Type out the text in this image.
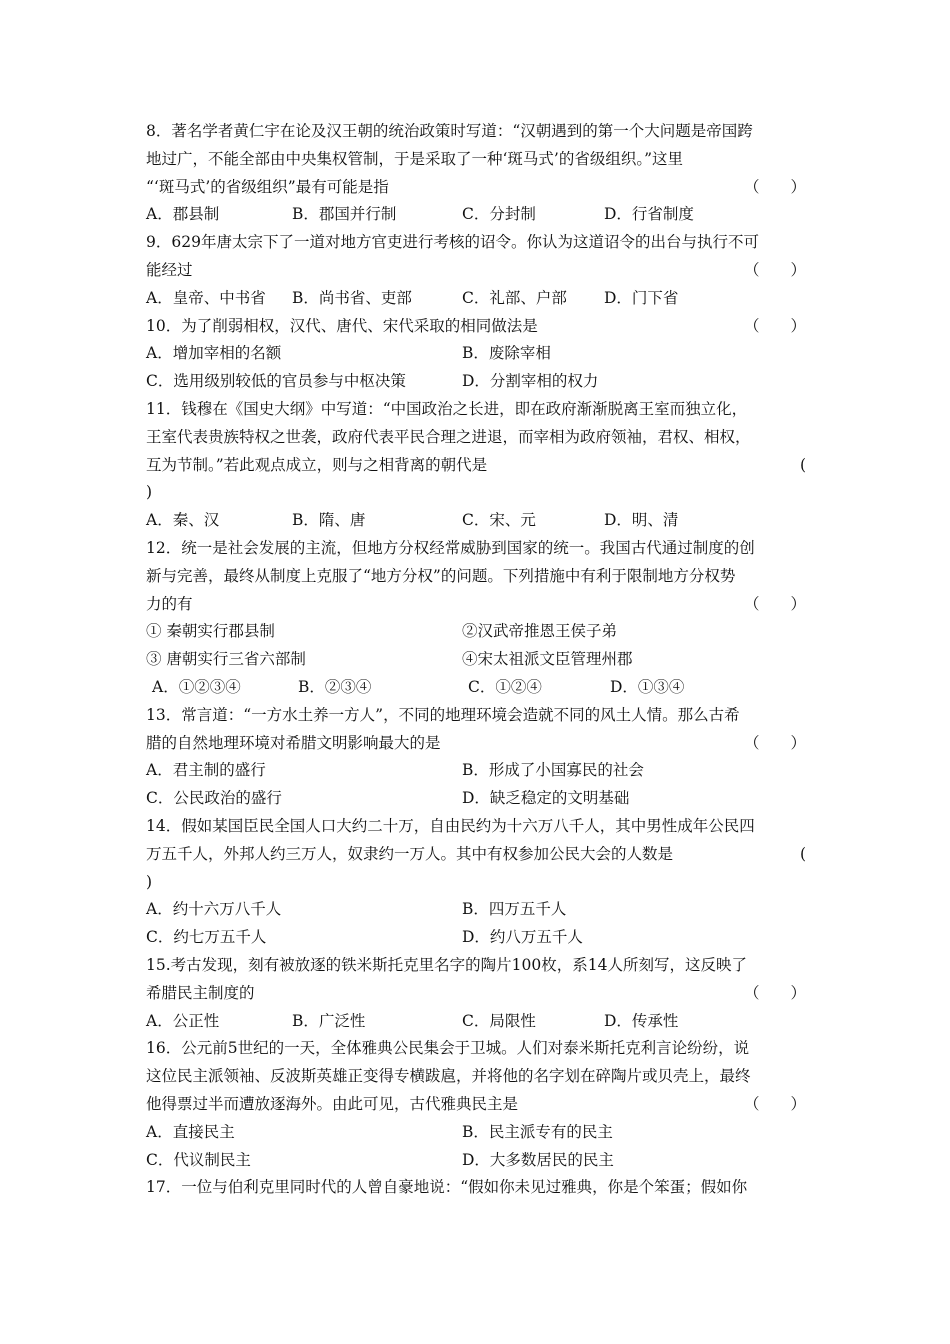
8．著名学者黄仁宇在论及汉王朝的统治政策时写道：“汉朝遇到的第一个大问题是帝国跨
地过广，不能全部由中央集权管制，于是采取了一种‘斑马式’的省级组织。”这里
“‘斑马式’的省级组织”最有可能是指	（　　）
A．郡县制	B．郡国并行制	C．分封制	D．行省制度
9．629年唐太宗下了一道对地方官吏进行考核的诏令。你认为这道诏令的出台与执行不可
能经过	（　　）
A．皇帝、中书省 B．尚书省、吏部	C．礼部、户部 D．门下省
10．为了削弱相权，汉代、唐代、宋代采取的相同做法是	（　　）
A．增加宰相的名额	B．废除宰相
C．选用级别较低的官员参与中枢决策	D．分割宰相的权力
11．钱穆在《国史大纲》中写道：“中国政治之长进，即在政府渐渐脱离王室而独立化，
王室代表贵族特权之世袭，政府代表平民合理之进退，而宰相为政府领袖，君权、相权，
互为节制。”若此观点成立，则与之相背离的朝代是	(
)
A．秦、汉	B．隋、唐	C．宋、元	D．明、清
12．统一是社会发展的主流，但地方分权经常威胁到国家的统一。我国古代通过制度的创
新与完善，最终从制度上克服了“地方分权”的问题。下列措施中有利于限制地方分权势
力的有	（　　）
① 秦朝实行郡县制	②汉武帝推恩王侯子弟
③ 唐朝实行三省六部制	④宋太祖派文臣管理州郡
A．①②③④	B．②③④	C．①②④	D．①③④
13．常言道：“一方水土养一方人”，不同的地理环境会造就不同的风土人情。那么古希
腊的自然地理环境对希腊文明影响最大的是	（　　）
A．君主制的盛行	B．形成了小国寡民的社会
C．公民政治的盛行	D．缺乏稳定的文明基础
14．假如某国臣民全国人口大约二十万，自由民约为十六万八千人，其中男性成年公民四
万五千人，外邦人约三万人，奴隶约一万人。其中有权参加公民大会的人数是	(
)
A．约十六万八千人	B．四万五千人
C．约七万五千人	D．约八万五千人
15.考古发现，刻有被放逐的铁米斯托克里名字的陶片100枚，系14人所刻写，这反映了
希腊民主制度的	（　　）
A．公正性	B．广泛性	C．局限性	D．传承性
16．公元前5世纪的一天，全体雅典公民集会于卫城。人们对泰米斯托克利言论纷纷，说
这位民主派领袖、反波斯英雄正变得专横跋扈，并将他的名字划在碎陶片或贝壳上，最终
他得票过半而遭放逐海外。由此可见，古代雅典民主是	（　　）
A．直接民主	B．民主派专有的民主
C．代议制民主	D．大多数居民的民主
17．一位与伯利克里同时代的人曾自豪地说：“假如你未见过雅典，你是个笨蛋；假如你
